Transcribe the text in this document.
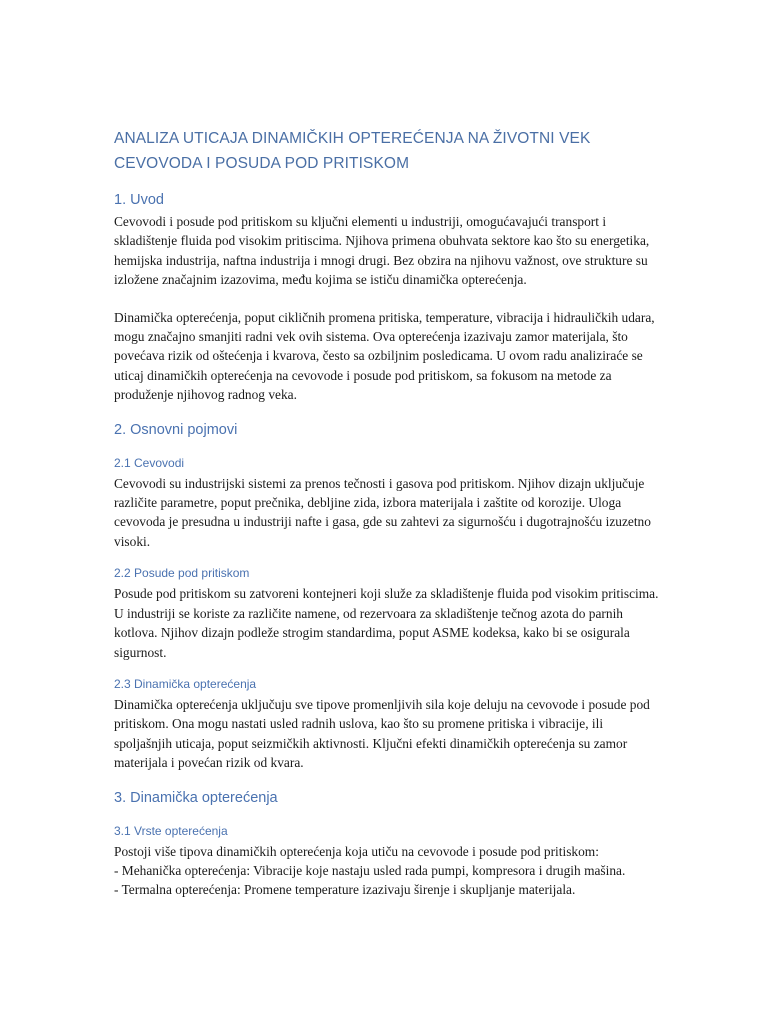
ANALIZA UTICAJA DINAMIČKIH OPTEREĆENJA NA ŽIVOTNI VEK CEVOVODA I POSUDA POD PRITISKOM
1. Uvod

Cevovodi i posude pod pritiskom su ključni elementi u industriji, omogućavajući transport i skladištenje fluida pod visokim pritiscima. Njihova primena obuhvata sektore kao što su energetika, hemijska industrija, naftna industrija i mnogi drugi. Bez obzira na njihovu važnost, ove strukture su izložene značajnim izazovima, među kojima se ističu dinamička opterećenja.

Dinamička opterećenja, poput cikličnih promena pritiska, temperature, vibracija i hidrauličkih udara, mogu značajno smanjiti radni vek ovih sistema. Ova opterećenja izazivaju zamor materijala, što povećava rizik od oštećenja i kvarova, često sa ozbiljnim posledicama. U ovom radu analiziraće se uticaj dinamičkih opterećenja na cevovode i posude pod pritiskom, sa fokusom na metode za produženje njihovog radnog veka.

2. Osnovni pojmovi
2.1 Cevovodi

Cevovodi su industrijski sistemi za prenos tečnosti i gasova pod pritiskom. Njihov dizajn uključuje različite parametre, poput prečnika, debljine zida, izbora materijala i zaštite od korozije. Uloga cevovoda je presudna u industriji nafte i gasa, gde su zahtevi za sigurnošću i dugotrajnošću izuzetno visoki.

2.2 Posude pod pritiskom

Posude pod pritiskom su zatvoreni kontejneri koji služe za skladištenje fluida pod visokim pritiscima. U industriji se koriste za različite namene, od rezervoara za skladištenje tečnog azota do parnih kotlova. Njihov dizajn podleže strogim standardima, poput ASME kodeksa, kako bi se osigurala sigurnost.

2.3 Dinamička opterećenja

Dinamička opterećenja uključuju sve tipove promenljivih sila koje deluju na cevovode i posude pod pritiskom. Ona mogu nastati usled radnih uslova, kao što su promene pritiska i vibracije, ili spoljašnjih uticaja, poput seizmičkih aktivnosti. Ključni efekti dinamičkih opterećenja su zamor materijala i povećan rizik od kvara.

3. Dinamička opterećenja
3.1 Vrste opterećenja

Postoji više tipova dinamičkih opterećenja koja utiču na cevovode i posude pod pritiskom:

- Mehanička opterećenja: Vibracije koje nastaju usled rada pumpi, kompresora i drugih mašina.

- Termalna opterećenja: Promene temperature izazivaju širenje i skupljanje materijala.
